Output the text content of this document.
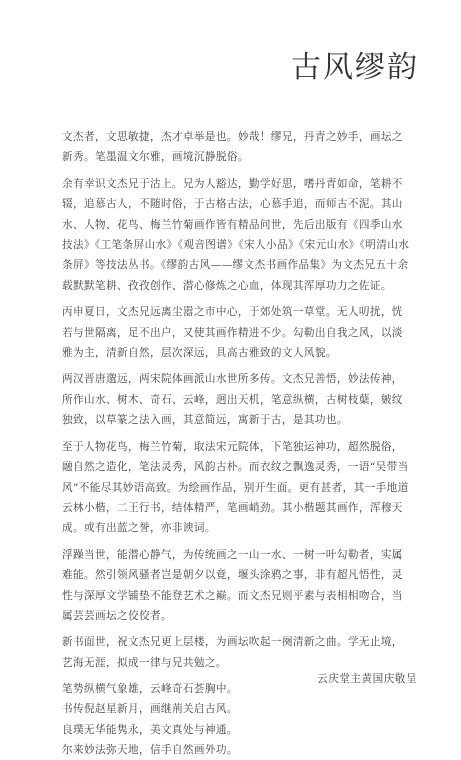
古风缪韵

文杰者，文思敏捷，杰才卓举是也。妙哉！缪兄，丹青之妙手，画坛之新秀。笔墨温文尔雅，画境沉静脱俗。

余有幸识文杰兄于沽上。兄为人豁达，勤学好思，嗜丹青如命，笔耕不辍，追慕古人，不随时俗，于古格古法，心慕手追，而师古不泥。其山水、人物、花鸟、梅兰竹菊画作皆有精品问世，先后出版有《四季山水技法》《工笔条屏山水》《观音图谱》《宋人小品》《宋元山水》《明清山水条屏》等技法丛书。《缪韵古风——缪文杰书画作品集》为文杰兄五十余载默默笔耕、孜孜创作、潜心修炼之心血，体现其浑厚功力之佐证。

丙申夏日，文杰兄远离尘嚣之市中心，于郊处筑一草堂。无人叨扰，恍若与世隔离，足不出户，又使其画作精进不少。勾勒出自我之风，以淡雅为主，清新自然，层次深远，具高古雅致的文人风貌。

两汉晋唐邈远，两宋院体画派山水世所多传。文杰兄善悟，妙法传神，所作山水、树木、奇石、云峰，迥出天机，笔意纵横，古树枝蘖，皴纹独致，以草篆之法入画，其意简远，寓新于古，是其功也。

至于人物花鸟，梅兰竹菊，取法宋元院体，下笔独运神功，超然脱俗，融自然之造化，笔法灵秀，风韵古朴。而衣纹之飘逸灵秀，一语“吴带当风”不能尽其妙语高致。为绘画作品，别开生面。更有甚者，其一手地道云林小楷，二王行书，结体精严，笔画峭劲。其小楷题其画作，浑穆天成。或有出蓝之誉，亦非谀词。

浮躁当世，能潜心静气，为传统画之一山一水、一树一叶勾勒者，实属难能。然引领风骚者岂是朝夕以竟，堰头涂鸦之事，非有超凡悟性，灵性与深厚文学铺垫不能登艺术之巅。而文杰兄则平素与表相相吻合，当属芸芸画坛之佼佼者。

新书面世，祝文杰兄更上层楼，为画坛吹起一阕清新之曲。学无止境，艺海无涯，拟成一律与兄共勉之。

笔势纵横气象雄，云峰奇石荟胸中。
书传倪赵星新月，画继荊关启古风。
良璞无华能隽永，美文真处与神通。
尔来妙法弥天地，信手自然画外功。
云庆堂主黄国庆敬呈
